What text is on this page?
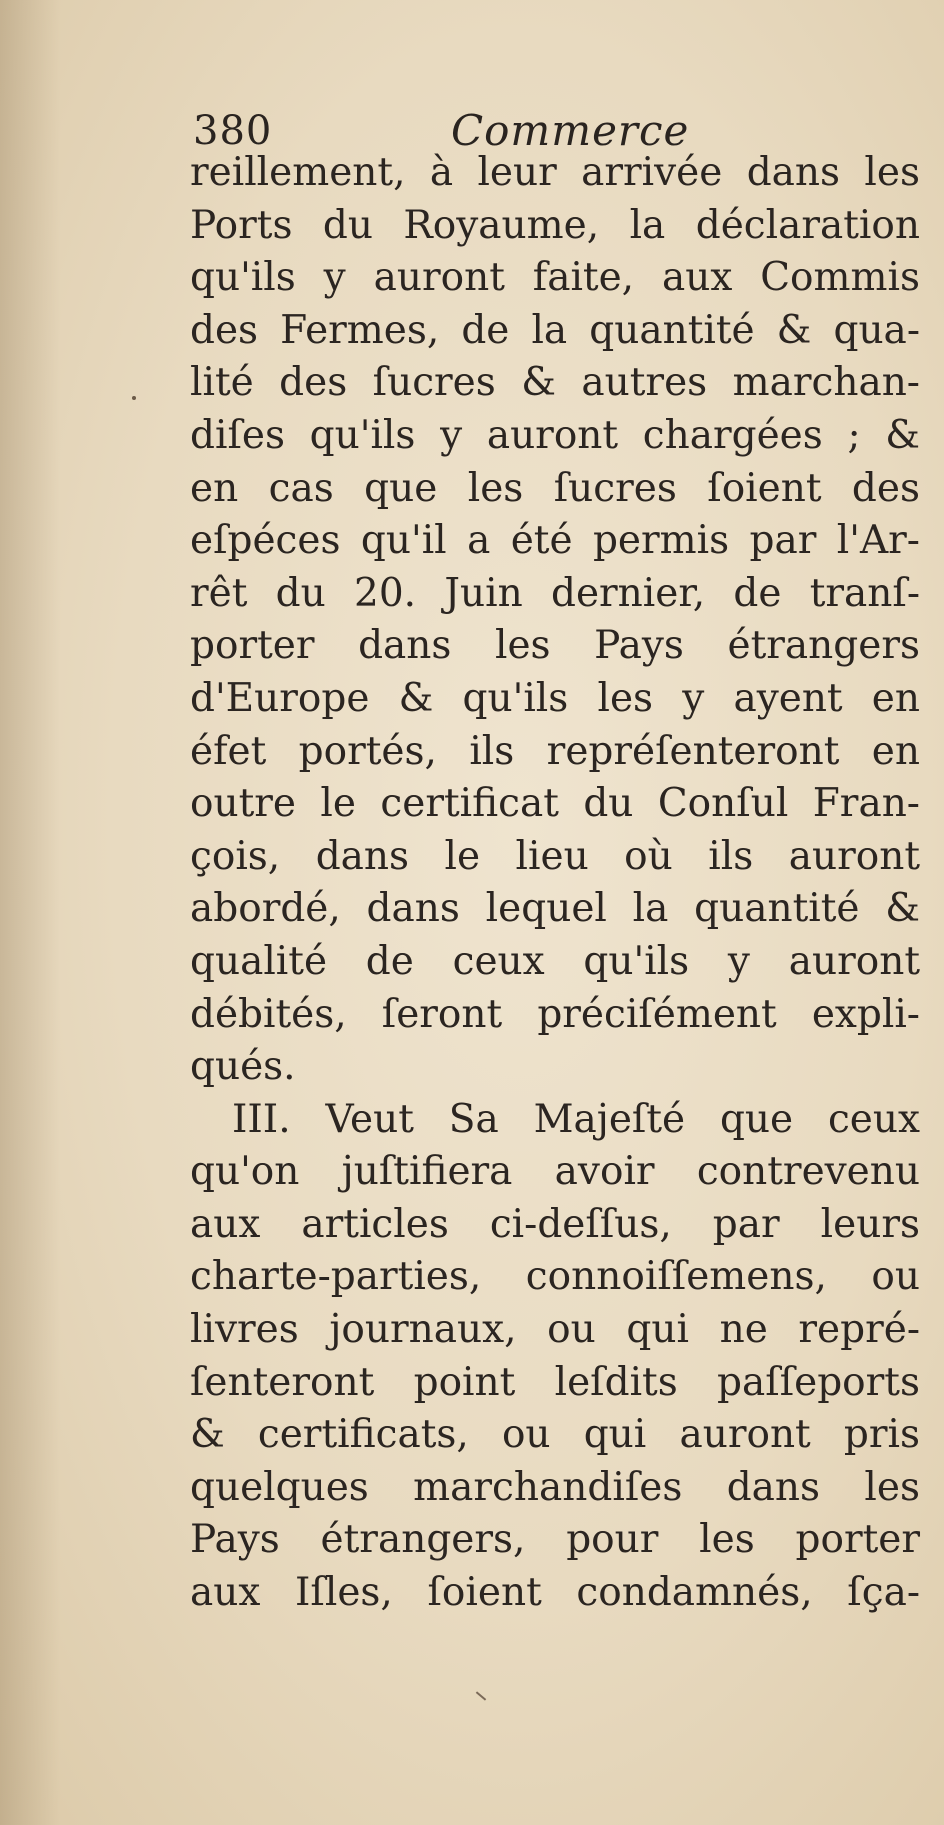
380	Commerce
reillement, à leur arrivée dans les
Ports du Royaume, la déclaration
qu'ils y auront faite, aux Commis
des Fermes, de la quantité & qua-
lité des ſucres & autres marchan-
diſes qu'ils y auront chargées ; &
en cas que les ſucres ſoient des
eſpéces qu'il a été permis par l'Ar-
rêt du 20. Juin dernier, de tranſ-
porter dans les Pays étrangers
d'Europe & qu'ils les y ayent en
éfet portés, ils repréſenteront en
outre le certificat du Conſul Fran-
çois, dans le lieu où ils auront
abordé, dans lequel la quantité &
qualité de ceux qu'ils y auront
débités, ſeront préciſément expli-
qués.
III. Veut Sa Majeſté que ceux
qu'on juſtifiera avoir contrevenu
aux articles ci-deſſus, par leurs
charte-parties, connoiſſemens, ou
livres journaux, ou qui ne repré-
ſenteront point leſdits paſſeports
& certificats, ou qui auront pris
quelques marchandiſes dans les
Pays étrangers, pour les porter
aux Iſles, ſoient condamnés, ſça-
